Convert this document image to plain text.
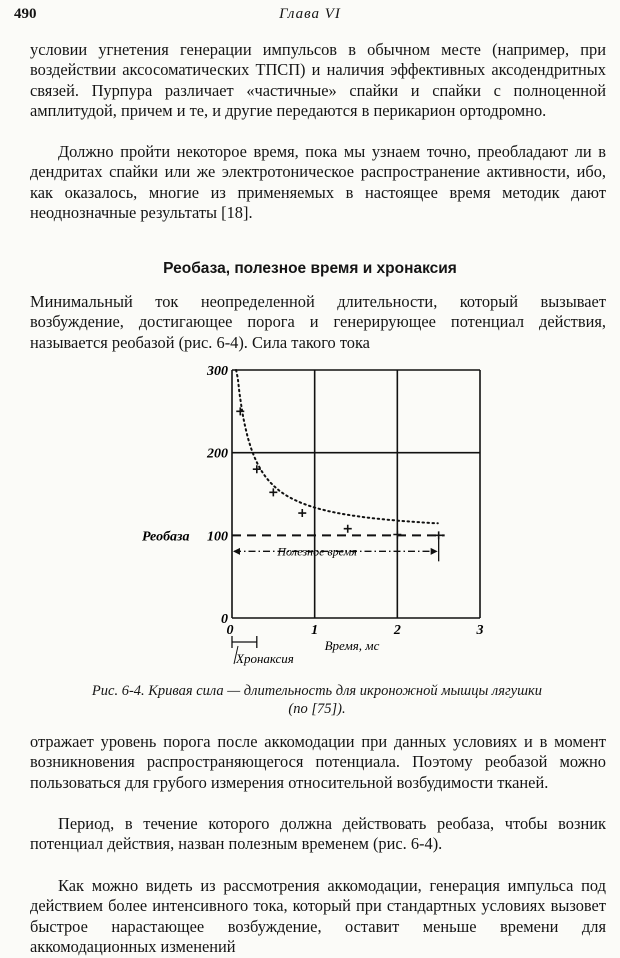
490	Глава VI

условии угнетения генерации импульсов в обычном месте (например, при воздействии аксосоматических ТПСП) и наличия эффективных аксодендритных связей. Пурпура различает «частичные» спайки и спайки с полноценной амплитудой, причем и те, и другие передаются в перикарион ортодромно.

Должно пройти некоторое время, пока мы узнаем точно, преобладают ли в дендритах спайки или же электротоническое распространение активности, ибо, как оказалось, многие из применяемых в настоящее время методик дают неоднозначные результаты [18].

Реобаза, полезное время и хронаксия

Минимальный ток неопределенной длительности, который вызывает возбуждение, достигающее порога и генерирующее потенциал действия, называется реобазой (рис. 6-4). Сила такого тока

0	1	2	3
0
100
200
300
Реобаза
Полезное время
Время, мс
Хронаксия
Рис. 6-4. Кривая сила — длительность для икроножной мышцы лягушки
(по [75]).

отражает уровень порога после аккомодации при данных условиях и в момент возникновения распространяющегося потенциала. Поэтому реобазой можно пользоваться для грубого измерения относительной возбудимости тканей.

Период, в течение которого должна действовать реобаза, чтобы возник потенциал действия, назван полезным временем (рис. 6-4).

Как можно видеть из рассмотрения аккомодации, генерация импульса под действием более интенсивного тока, который при стандартных условиях вызовет быстрое нарастающее возбуждение, оставит меньше времени для аккомодационных изменений
